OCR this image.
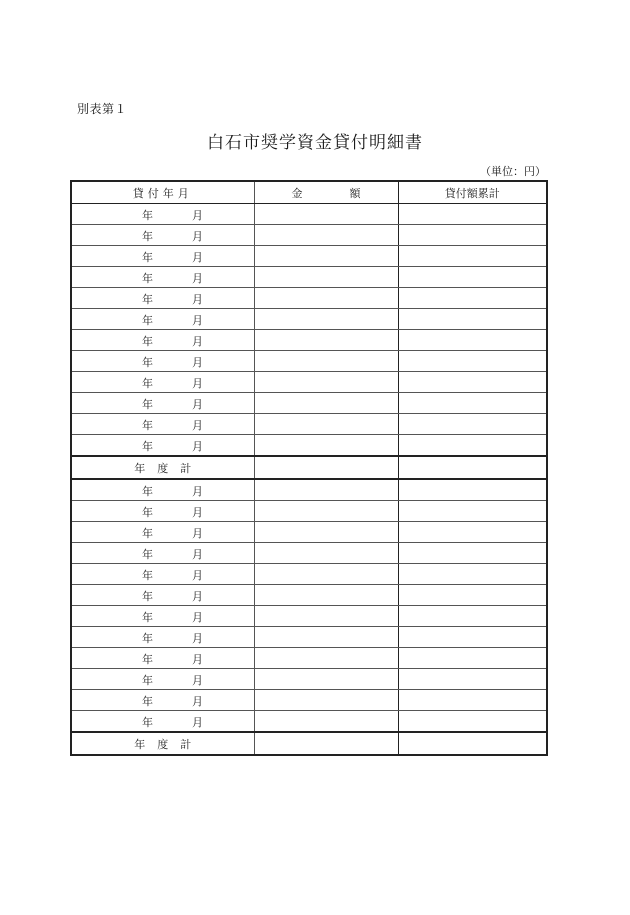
別表第１
白石市奨学資金貸付明細書
（単位：円）
貸付年月	金　額	貸付額累計

年 月		

年 月		

年 月		

年 月		

年 月		

年 月		

年 月		

年 月		

年 月		

年 月		

年 月		

年 月		

年度計		

年 月		

年 月		

年 月		

年 月		

年 月		

年 月		

年 月		

年 月		

年 月		

年 月		

年 月		

年 月		

年度計		
